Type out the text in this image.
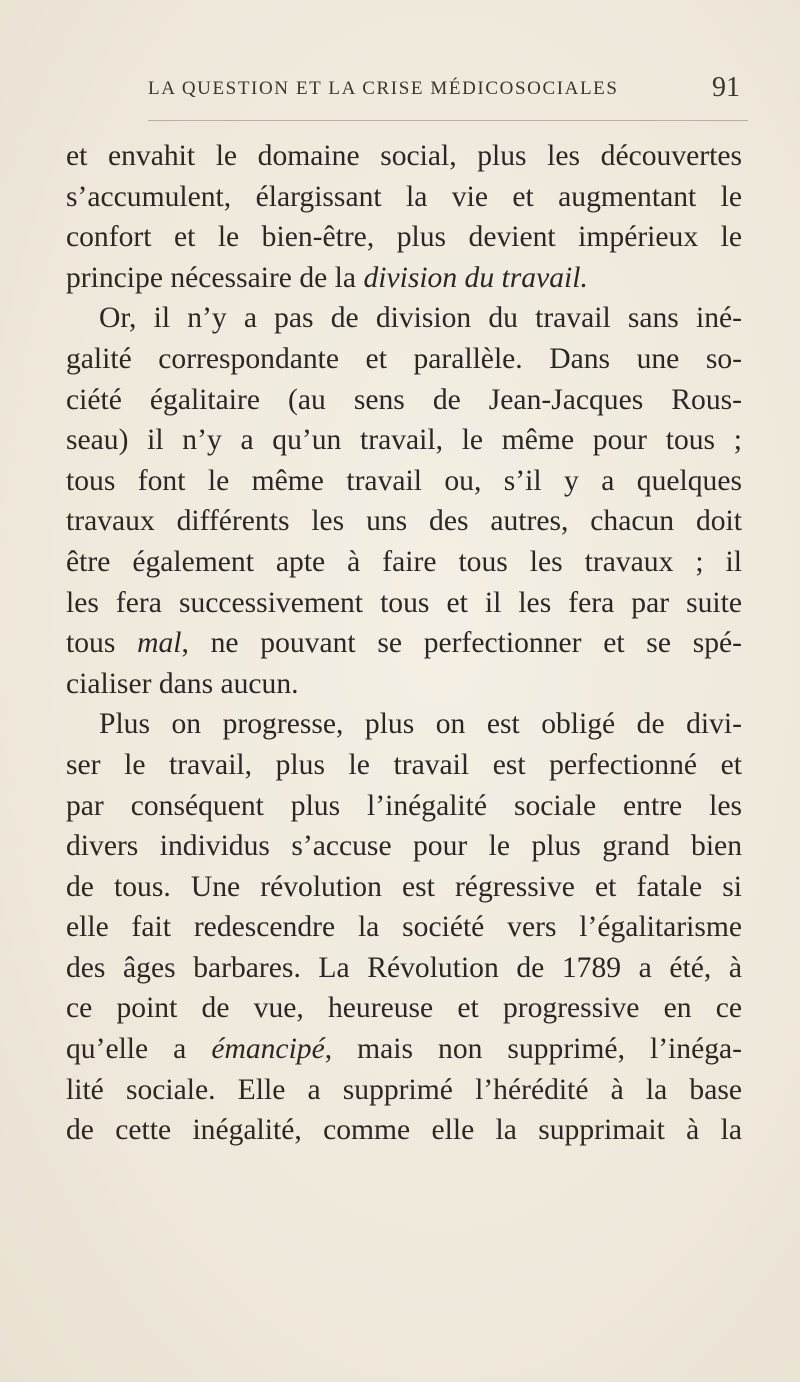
LA QUESTION ET LA CRISE MÉDICOSOCIALES	91
et envahit le domaine social, plus les découvertes
s’accumulent, élargissant la vie et augmentant le
confort et le bien-être, plus devient impérieux le
principe nécessaire de la division du travail.
Or, il n’y a pas de division du travail sans iné-
galité correspondante et parallèle. Dans une so-
ciété égalitaire (au sens de Jean-Jacques Rous-
seau) il n’y a qu’un travail, le même pour tous ;
tous font le même travail ou, s’il y a quelques
travaux différents les uns des autres, chacun doit
être également apte à faire tous les travaux ; il
les fera successivement tous et il les fera par suite
tous mal, ne pouvant se perfectionner et se spé-
cialiser dans aucun.
Plus on progresse, plus on est obligé de divi-
ser le travail, plus le travail est perfectionné et
par conséquent plus l’inégalité sociale entre les
divers individus s’accuse pour le plus grand bien
de tous. Une révolution est régressive et fatale si
elle fait redescendre la société vers l’égalitarisme
des âges barbares. La Révolution de 1789 a été, à
ce point de vue, heureuse et progressive en ce
qu’elle a émancipé, mais non supprimé, l’inéga-
lité sociale. Elle a supprimé l’hérédité à la base
de cette inégalité, comme elle la supprimait à la
